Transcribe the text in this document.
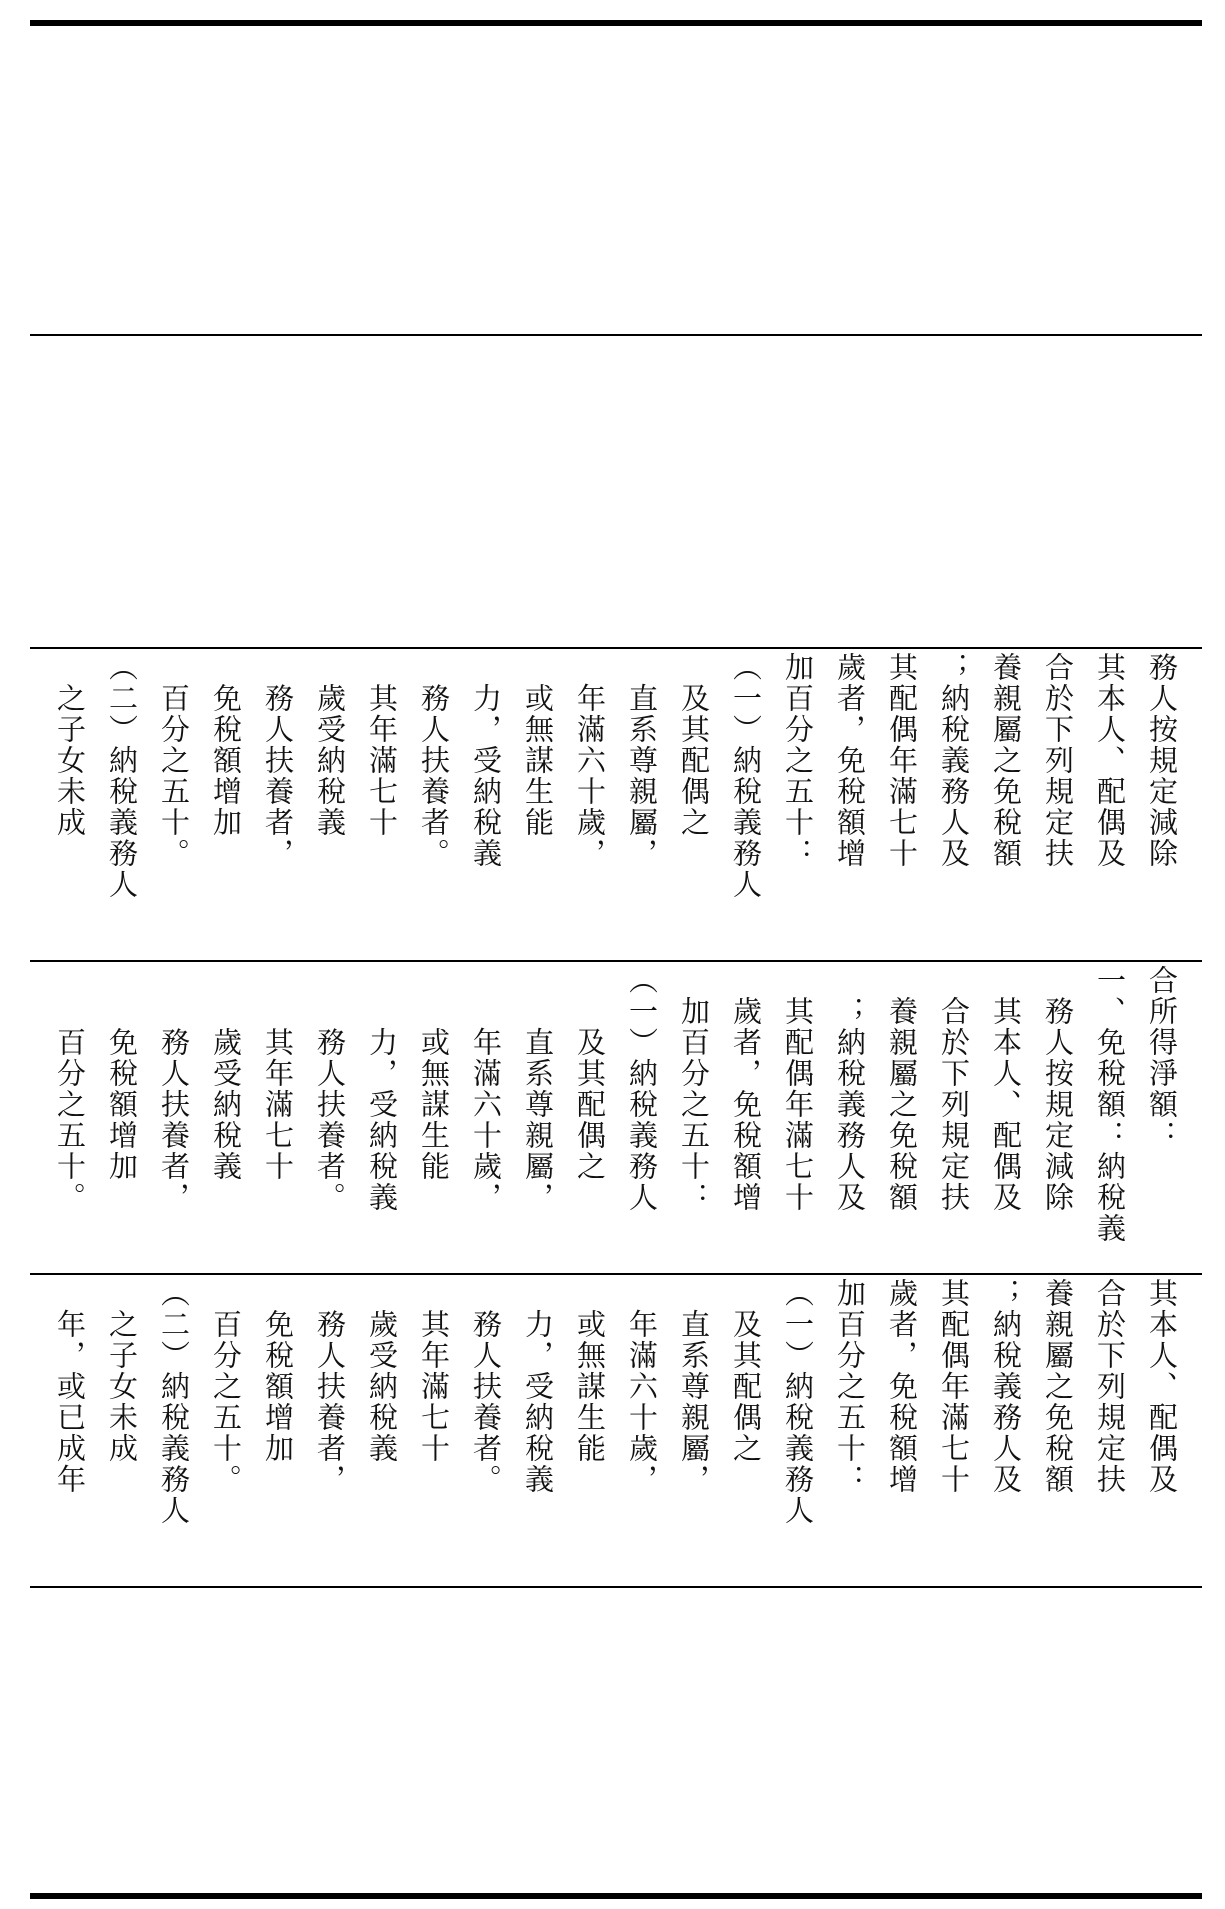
務人按規定減除
其本人、配偶及
合於下列規定扶
養親屬之免稅額
；納稅義務人及
其配偶年滿七十
歲者，免稅額增
加百分之五十：
（一）納稅義務人
　及其配偶之
　直系尊親屬，
　年滿六十歲，
　或無謀生能
　力，受納稅義
　務人扶養者。
　其年滿七十
　歲受納稅義
　務人扶養者，
　免稅額增加
　百分之五十。
（二）納稅義務人
　之子女未成
合所得淨額：
一、免稅額：納稅義
　務人按規定減除
　其本人、配偶及
　合於下列規定扶
　養親屬之免稅額
　；納稅義務人及
　其配偶年滿七十
　歲者，免稅額增
　加百分之五十：
（一）納稅義務人
　　及其配偶之
　　直系尊親屬，
　　年滿六十歲，
　　或無謀生能
　　力，受納稅義
　　務人扶養者。
　　其年滿七十
　　歲受納稅義
　　務人扶養者，
　　免稅額增加
　　百分之五十。
其本人、配偶及
合於下列規定扶
養親屬之免稅額
；納稅義務人及
其配偶年滿七十
歲者，免稅額增
加百分之五十：
（一）納稅義務人
　及其配偶之
　直系尊親屬，
　年滿六十歲，
　或無謀生能
　力，受納稅義
　務人扶養者。
　其年滿七十
　歲受納稅義
　務人扶養者，
　免稅額增加
　百分之五十。
（二）納稅義務人
　之子女未成
　年，或已成年
